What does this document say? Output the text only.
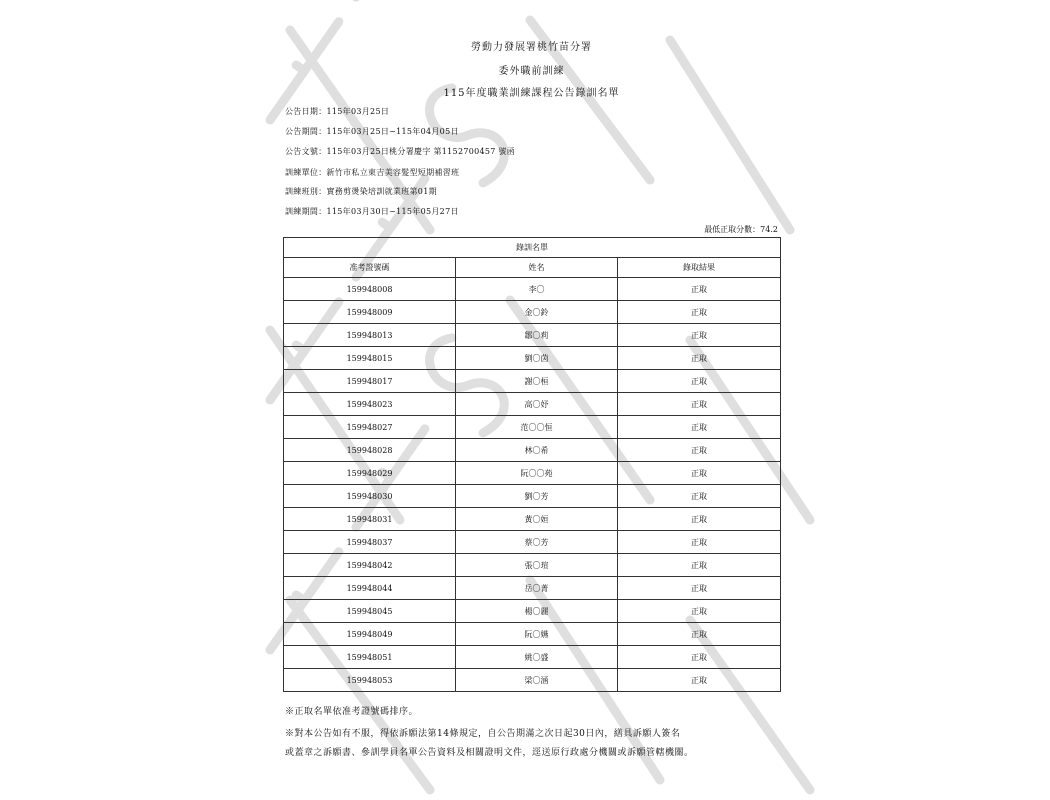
勞動力發展署桃竹苗分署
委外職前訓練
115年度職業訓練課程公告錄訓名單
公告日期：115年03月25日
公告期間：115年03月25日~115年04月05日
公告文號：115年03月25日桃分署慶字 第1152700457 號函
訓練單位：新竹市私立東吉美容髮型短期補習班
訓練班別：實務剪燙染培訓就業班第01期
訓練期間：115年03月30日~115年05月27日
最低正取分數：74.2
錄訓名單		
准考證號碼	姓名	錄取結果
159948008	李〇	正取
159948009	金〇鈴	正取
159948013	鄒〇莉	正取
159948015	劉〇茵	正取
159948017	謝〇桓	正取
159948023	高〇妤	正取
159948027	范〇〇恒	正取
159948028	林〇希	正取
159948029	阮〇〇苑	正取
159948030	劉〇芳	正取
159948031	黃〇姮	正取
159948037	蔡〇芳	正取
159948042	張〇瑄	正取
159948044	岳〇菁	正取
159948045	楊〇麗	正取
159948049	阮〇嬿	正取
159948051	姚〇盛	正取
159948053	梁〇涵	正取
※正取名單依准考證號碼排序。
※對本公告如有不服，得依訴願法第14條規定，自公告期滿之次日起30日內，繕具訴願人簽名
或蓋章之訴願書、參訓學員名單公告資料及相關證明文件，逕送原行政處分機關或訴願管轄機關。
